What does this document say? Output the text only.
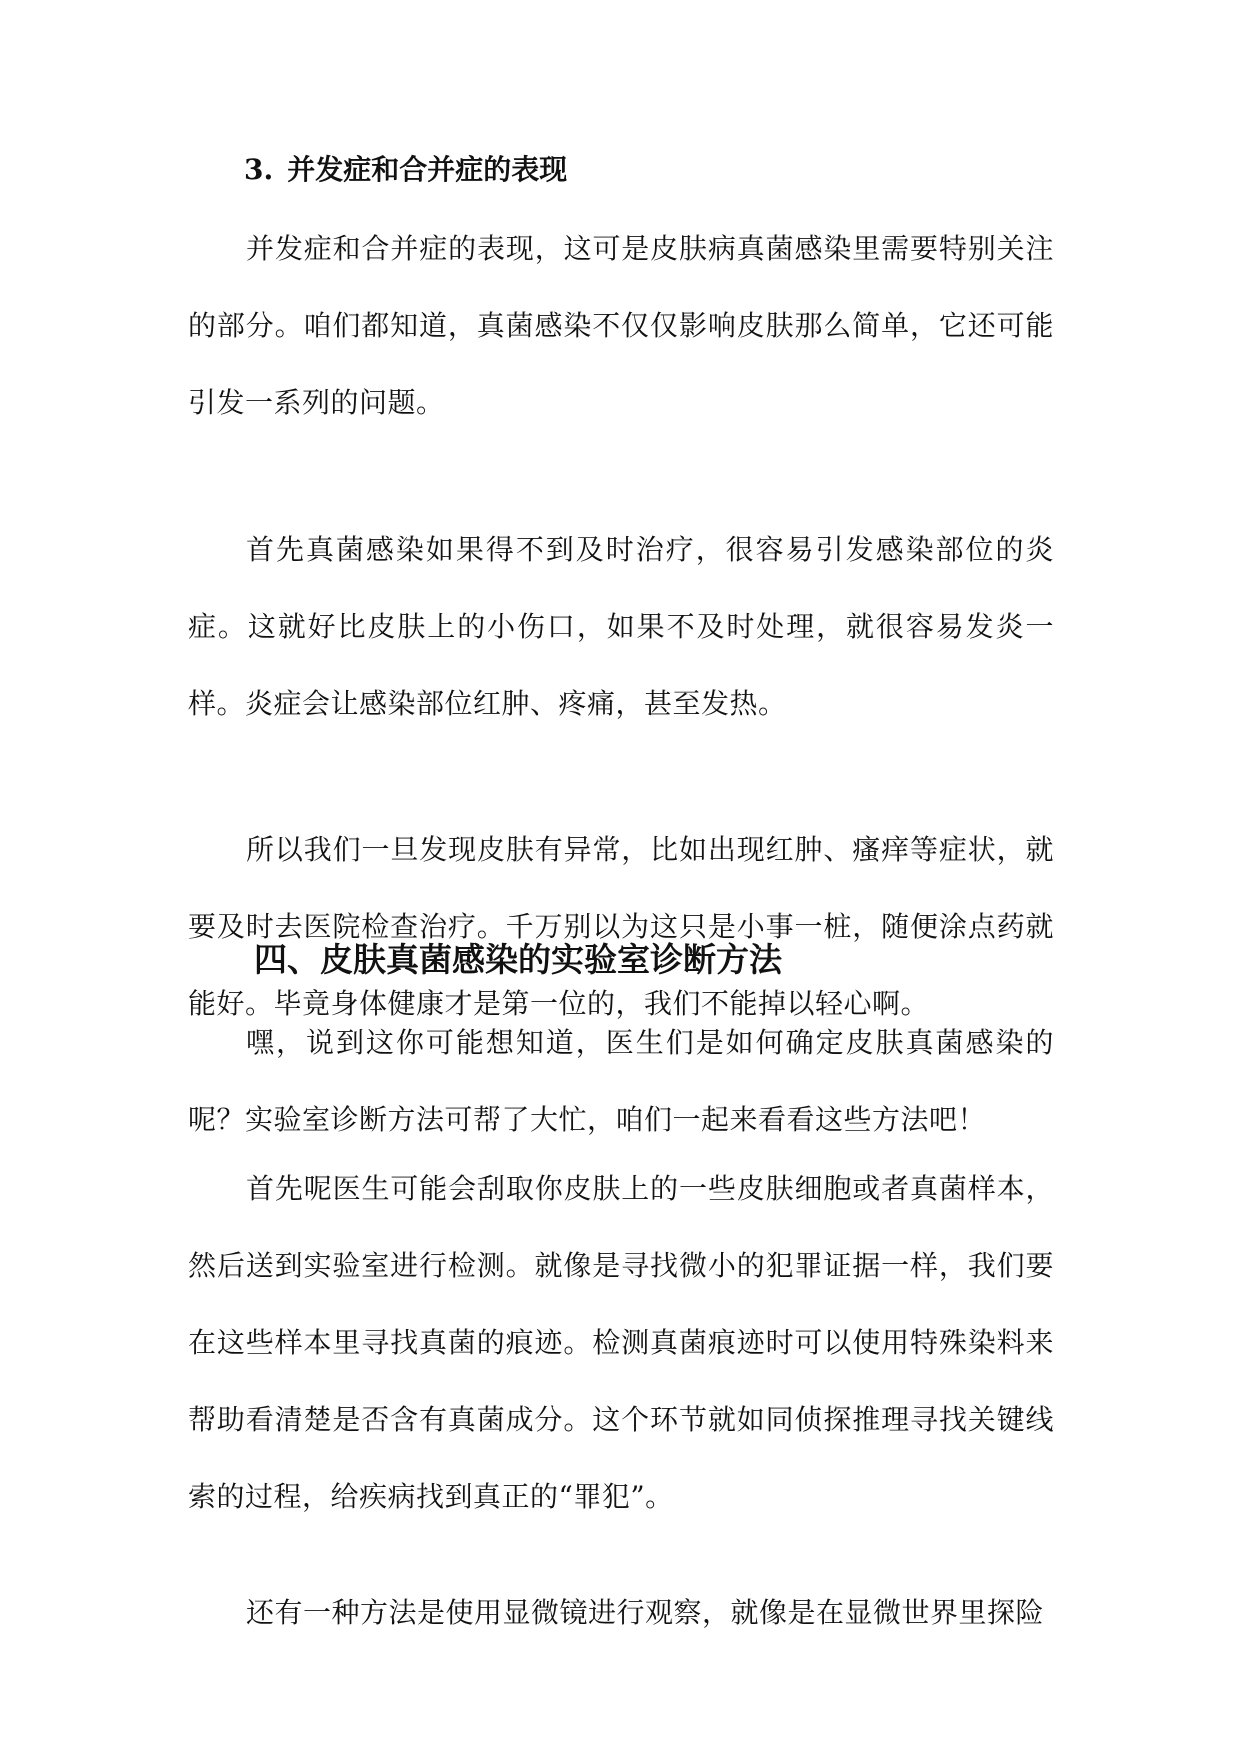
3. 并发症和合并症的表现

并发症和合并症的表现，这可是皮肤病真菌感染里需要特别关注的部分。咱们都知道，真菌感染不仅仅影响皮肤那么简单，它还可能引发一系列的问题。

首先真菌感染如果得不到及时治疗，很容易引发感染部位的炎症。这就好比皮肤上的小伤口，如果不及时处理，就很容易发炎一样。炎症会让感染部位红肿、疼痛，甚至发热。

所以我们一旦发现皮肤有异常，比如出现红肿、瘙痒等症状，就要及时去医院检查治疗。千万别以为这只是小事一桩，随便涂点药就能好。毕竟身体健康才是第一位的，我们不能掉以轻心啊。

四、皮肤真菌感染的实验室诊断方法

嘿，说到这你可能想知道，医生们是如何确定皮肤真菌感染的呢？实验室诊断方法可帮了大忙，咱们一起来看看这些方法吧！

首先呢医生可能会刮取你皮肤上的一些皮肤细胞或者真菌样本，然后送到实验室进行检测。就像是寻找微小的犯罪证据一样，我们要在这些样本里寻找真菌的痕迹。检测真菌痕迹时可以使用特殊染料来帮助看清楚是否含有真菌成分。这个环节就如同侦探推理寻找关键线索的过程，给疾病找到真正的“罪犯”。

还有一种方法是使用显微镜进行观察，就像是在显微世界里探险
